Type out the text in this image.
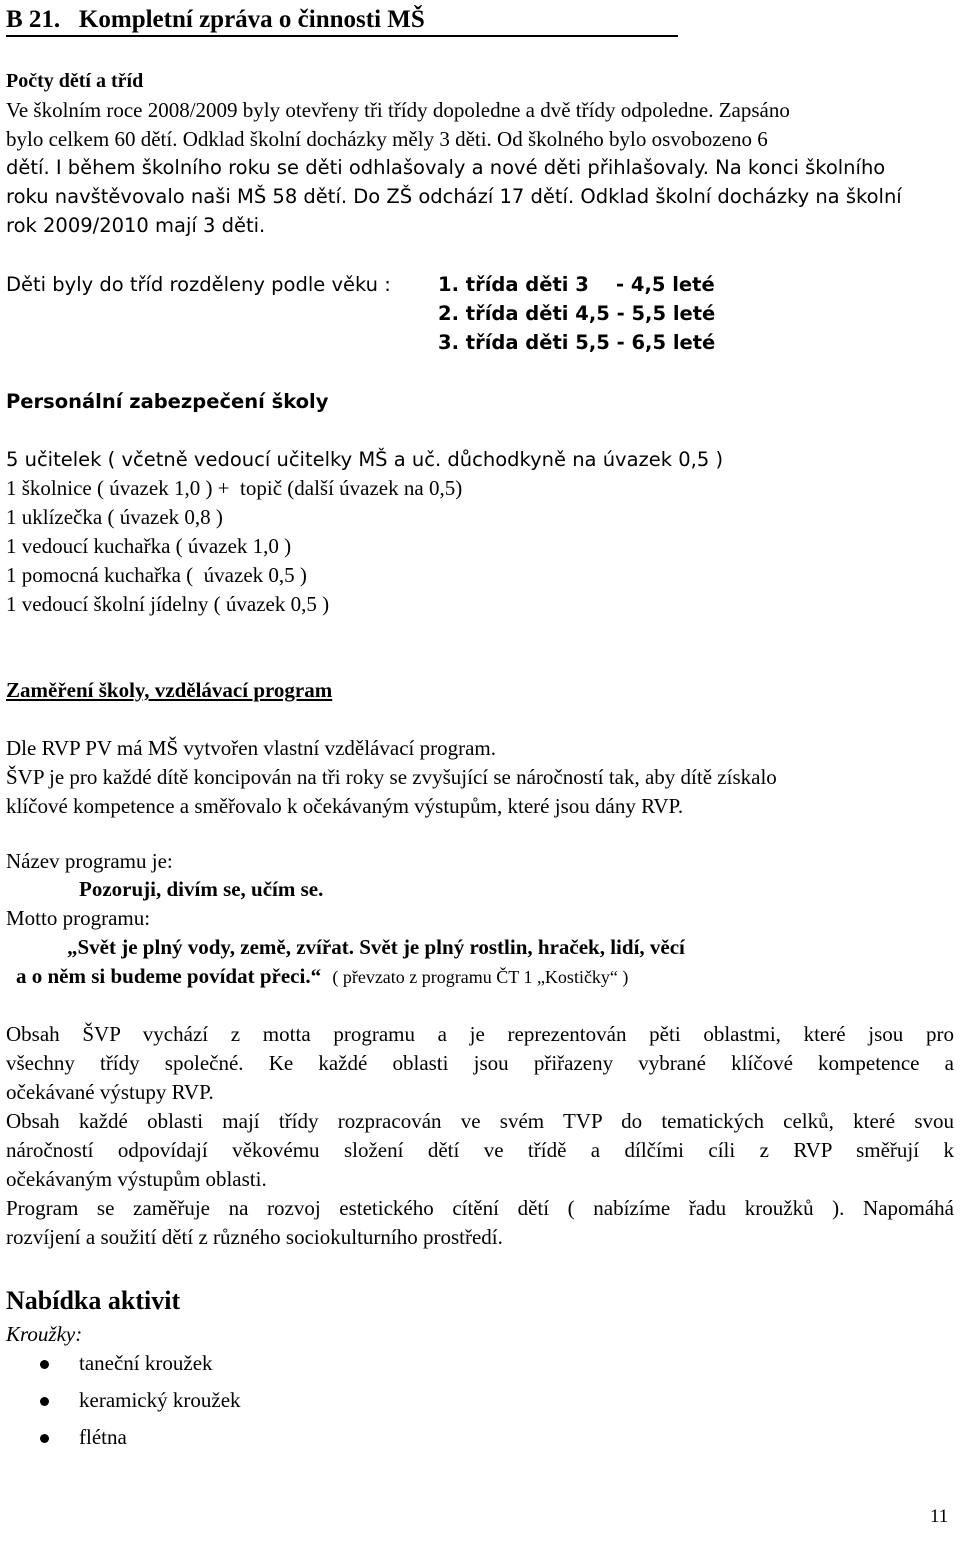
B 21.   Kompletní zpráva o činnosti MŠ
Počty dětí a tříd
Ve školním roce 2008/2009 byly otevřeny tři třídy dopoledne a dvě třídy odpoledne. Zapsáno
bylo celkem 60 dětí. Odklad školní docházky měly 3 děti. Od školného bylo osvobozeno 6
dětí. I během školního roku se děti odhlašovaly a nové děti přihlašovaly. Na konci školního
roku navštěvovalo naši MŠ 58 dětí. Do ZŠ odchází 17 dětí. Odklad školní docházky na školní
rok 2009/2010 mají 3 děti.
Děti byly do tříd rozděleny podle věku : 1. třída děti 3    - 4,5 leté
2. třída děti 4,5 - 5,5 leté
3. třída děti 5,5 - 6,5 leté
Personální zabezpečení školy
5 učitelek ( včetně vedoucí učitelky MŠ a uč. důchodkyně na úvazek 0,5 )
1 školnice ( úvazek 1,0 ) +  topič (další úvazek na 0,5)
1 uklízečka ( úvazek 0,8 )
1 vedoucí kuchařka ( úvazek 1,0 )
1 pomocná kuchařka (  úvazek 0,5 )
1 vedoucí školní jídelny ( úvazek 0,5 )
Zaměření školy, vzdělávací program
Dle RVP PV má MŠ vytvořen vlastní vzdělávací program.
ŠVP je pro každé dítě koncipován na tři roky se zvyšující se náročností tak, aby dítě získalo
klíčové kompetence a směřovalo k očekávaným výstupům, které jsou dány RVP.
Název programu je:
Pozoruji, divím se, učím se.
Motto programu:
„Svět je plný vody, země, zvířat. Svět je plný rostlin, hraček, lidí, věcí
a o něm si budeme povídat přeci.“ ( převzato z programu ČT 1 „Kostičky“ )
Obsah ŠVP vychází z motta programu a je reprezentován pěti oblastmi, které jsou pro
všechny třídy společné. Ke každé oblasti jsou přiřazeny vybrané klíčové kompetence a
očekávané výstupy RVP.
Obsah každé oblasti mají třídy rozpracován ve svém TVP do tematických celků, které svou
náročností odpovídají věkovému složení dětí ve třídě a dílčími cíli z RVP směřují k
očekávaným výstupům oblasti.
Program se zaměřuje na rozvoj estetického cítění dětí ( nabízíme řadu kroužků ). Napomáhá
rozvíjení a soužití dětí z různého sociokulturního prostředí.
Nabídka aktivit
Kroužky:
taneční kroužek
keramický kroužek
flétna
11
